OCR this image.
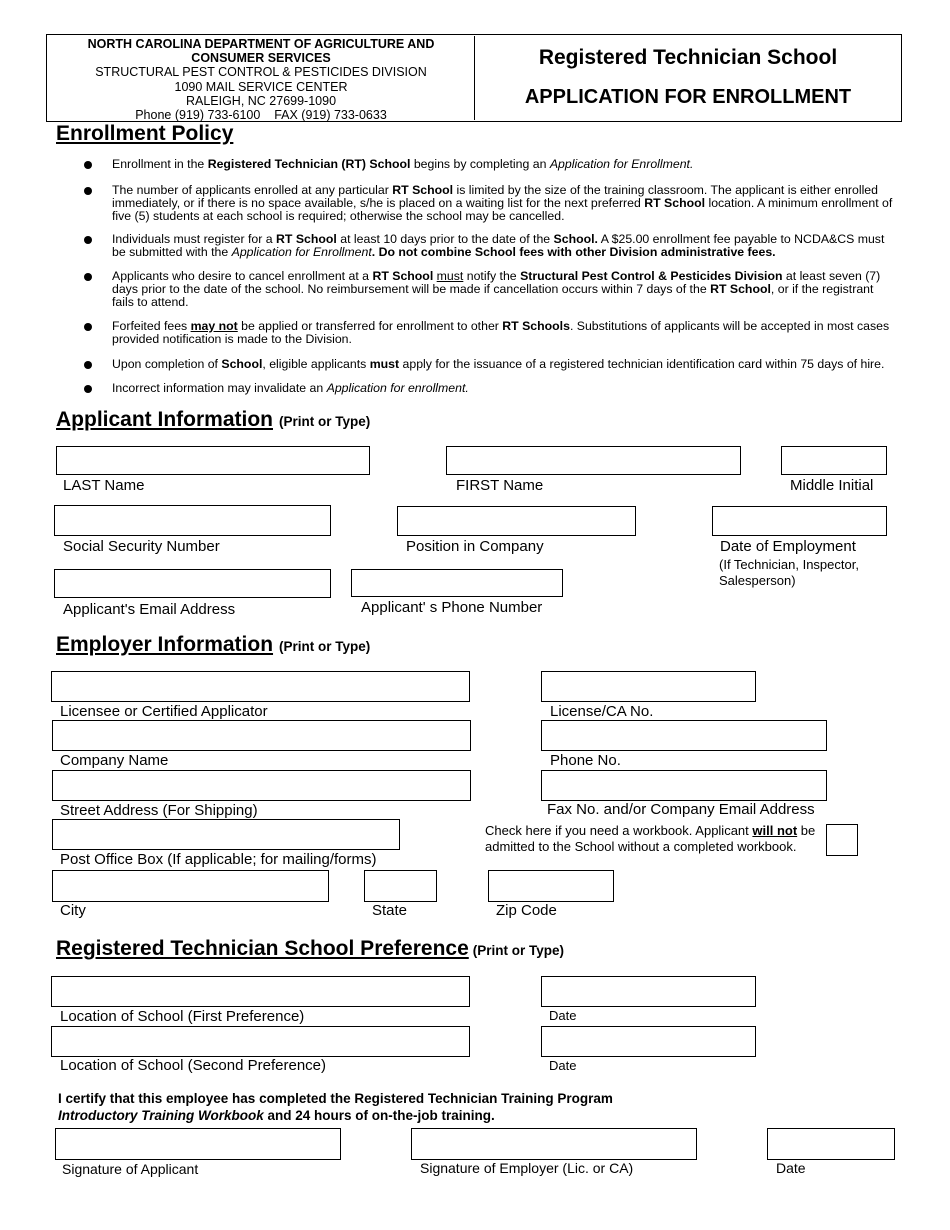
NORTH CAROLINA DEPARTMENT OF AGRICULTURE AND
CONSUMER SERVICES
STRUCTURAL PEST CONTROL & PESTICIDES DIVISION
1090 MAIL SERVICE CENTER
RALEIGH, NC 27699-1090
Phone (919) 733-6100    FAX (919) 733-0633
Registered Technician School
APPLICATION FOR ENROLLMENT
Enrollment Policy
Enrollment in the Registered Technician (RT) School begins by completing an Application for Enrollment.
The number of applicants enrolled at any particular RT School is limited by the size of the training classroom. The applicant is either enrolled immediately, or if there is no space available, s/he is placed on a waiting list for the next preferred RT School location. A minimum enrollment of five (5) students at each school is required; otherwise the school may be cancelled.
Individuals must register for a RT School at least 10 days prior to the date of the School. A $25.00 enrollment fee payable to NCDA&CS must be submitted with the Application for Enrollment. Do not combine School fees with other Division administrative fees.
Applicants who desire to cancel enrollment at a RT School must notify the Structural Pest Control & Pesticides Division at least seven (7) days prior to the date of the school. No reimbursement will be made if cancellation occurs within 7 days of the RT School, or if the registrant fails to attend.
Forfeited fees may not be applied or transferred for enrollment to other RT Schools. Substitutions of applicants will be accepted in most cases provided notification is made to the Division.
Upon completion of School, eligible applicants must apply for the issuance of a registered technician identification card within 75 days of hire.
Incorrect information may invalidate an Application for enrollment.
Applicant Information (Print or Type)
LAST Name	FIRST Name	Middle Initial
Social Security Number	Position in Company	Date of Employment
(If Technician, Inspector, Salesperson)
Applicant's Email Address	Applicant' s Phone Number
Employer Information (Print or Type)
Licensee or Certified Applicator	License/CA No.
Company Name	Phone No.
Street Address (For Shipping)	Fax No. and/or Company Email Address
Check here if you need a workbook. Applicant will not be admitted to the School without a completed workbook.
Post Office Box (If applicable; for mailing/forms)
City	State	Zip Code
Registered Technician School Preference (Print or Type)
Location of School (First Preference)	Date
Location of School (Second Preference)	Date
I certify that this employee has completed the Registered Technician Training Program
Introductory Training Workbook and 24 hours of on-the-job training.
Signature of Applicant	Signature of Employer (Lic. or CA)	Date
